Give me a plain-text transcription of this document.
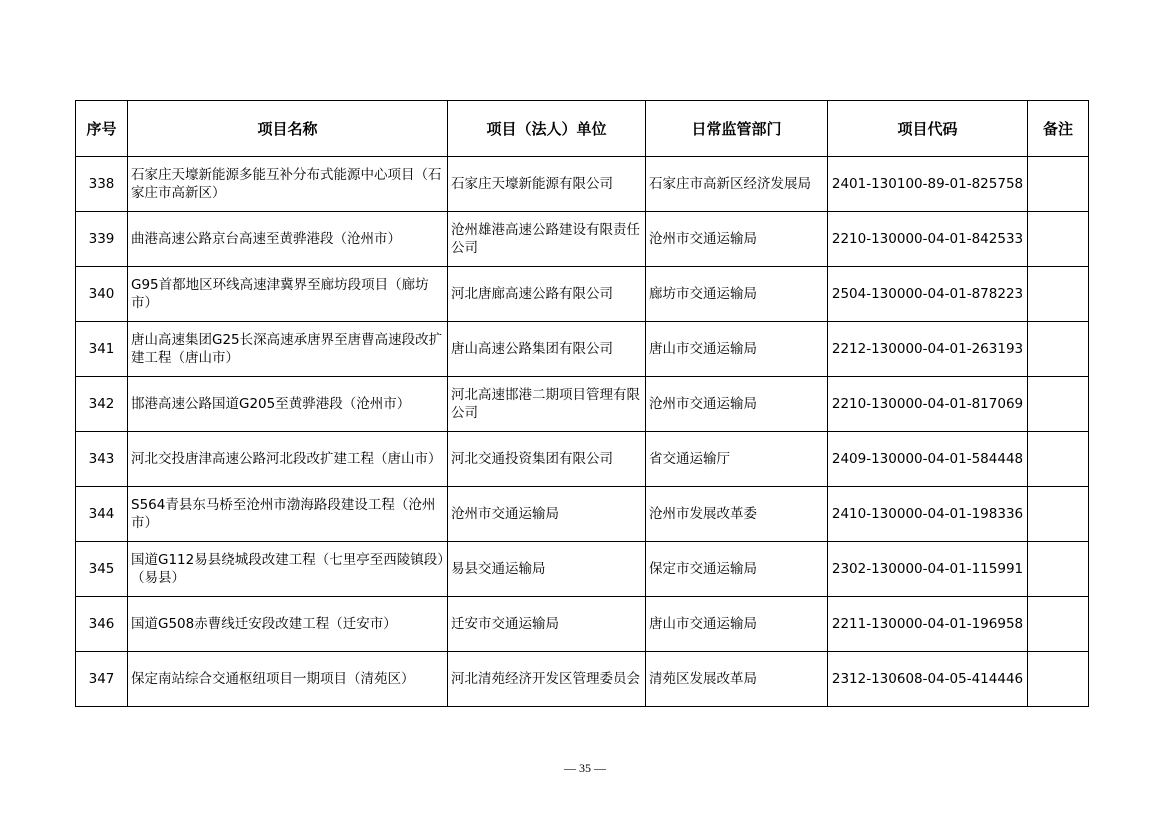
序号	项目名称	项目（法人）单位	日常监管部门	项目代码	备注
338	石家庄天壕新能源多能互补分布式能源中心项目（石家庄市高新区）	石家庄天壕新能源有限公司	石家庄市高新区经济发展局	2401-130100-89-01-825758	
339	曲港高速公路京台高速至黄骅港段（沧州市）	沧州雄港高速公路建设有限责任公司	沧州市交通运输局	2210-130000-04-01-842533	
340	G95首都地区环线高速津冀界至廊坊段项目（廊坊市）	河北唐廊高速公路有限公司	廊坊市交通运输局	2504-130000-04-01-878223	
341	唐山高速集团G25长深高速承唐界至唐曹高速段改扩建工程（唐山市）	唐山高速公路集团有限公司	唐山市交通运输局	2212-130000-04-01-263193	
342	邯港高速公路国道G205至黄骅港段（沧州市）	河北高速邯港二期项目管理有限公司	沧州市交通运输局	2210-130000-04-01-817069	
343	河北交投唐津高速公路河北段改扩建工程（唐山市）	河北交通投资集团有限公司	省交通运输厅	2409-130000-04-01-584448	
344	S564青县东马桥至沧州市渤海路段建设工程（沧州市）	沧州市交通运输局	沧州市发展改革委	2410-130000-04-01-198336	
345	国道G112易县绕城段改建工程（七里亭至西陵镇段）（易县）	易县交通运输局	保定市交通运输局	2302-130000-04-01-115991	
346	国道G508赤曹线迁安段改建工程（迁安市）	迁安市交通运输局	唐山市交通运输局	2211-130000-04-01-196958	
347	保定南站综合交通枢纽项目一期项目（清苑区）	河北清苑经济开发区管理委员会	清苑区发展改革局	2312-130608-04-05-414446	
— 35 —
